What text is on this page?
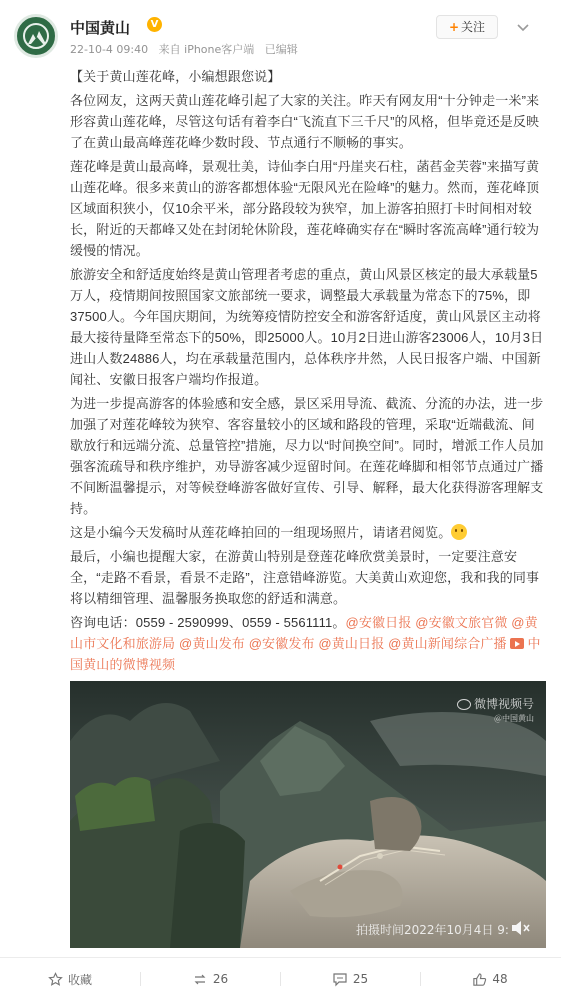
中国黄山	V
22-10-4 09:40 来自 iPhone客户端 已编辑
+ 关注

【关于黄山莲花峰，小编想跟您说】

各位网友，这两天黄山莲花峰引起了大家的关注。昨天有网友用“十分钟走一米”来形容黄山莲花峰，尽管这句话有着李白“飞流直下三千尺”的风格，但毕竟还是反映了在黄山最高峰莲花峰少数时段、节点通行不顺畅的事实。

莲花峰是黄山最高峰，景观壮美，诗仙李白用“丹崖夹石柱，菡萏金芙蓉”来描写黄山莲花峰。很多来黄山的游客都想体验“无限风光在险峰”的魅力。然而，莲花峰顶区域面积狭小，仅10余平米，部分路段较为狭窄，加上游客拍照打卡时间相对较长，附近的天都峰又处在封闭轮休阶段，莲花峰确实存在“瞬时客流高峰”通行较为缓慢的情况。

旅游安全和舒适度始终是黄山管理者考虑的重点，黄山风景区核定的最大承载量5万人，疫情期间按照国家文旅部统一要求，调整最大承载量为常态下的75%，即37500人。今年国庆期间，为统筹疫情防控安全和游客舒适度，黄山风景区主动将最大接待量降至常态下的50%，即25000人。10月2日进山游客23006人，10月3日进山人数24886人，均在承载量范围内，总体秩序井然，人民日报客户端、中国新闻社、安徽日报客户端均作报道。

为进一步提高游客的体验感和安全感，景区采用导流、截流、分流的办法，进一步加强了对莲花峰较为狭窄、客容量较小的区域和路段的管理，采取“近端截流、间歇放行和远端分流、总量管控”措施，尽力以“时间换空间”。同时，增派工作人员加强客流疏导和秩序维护，劝导游客减少逗留时间。在莲花峰脚和相邻节点通过广播不间断温馨提示，对等候登峰游客做好宣传、引导、解释，最大化获得游客理解支持。

这是小编今天发稿时从莲花峰拍回的一组现场照片，请诸君阅览。

最后，小编也提醒大家，在游黄山特别是登莲花峰欣赏美景时，一定要注意安全，“走路不看景，看景不走路”，注意错峰游览。大美黄山欢迎您，我和我的同事将以精细管理、温馨服务换取您的舒适和满意。

咨询电话：0559 - 2590999、0559 - 5561111。@安徽日报 @安徽文旅官微 @黄山市文化和旅游局 @黄山发布 @安徽发布 @黄山日报 @黄山新闻综合广播 中国黄山的微博视频

微博视频号
＠中国黄山
拍摄时间2022年10月4日 9:
收藏	26	25	48
